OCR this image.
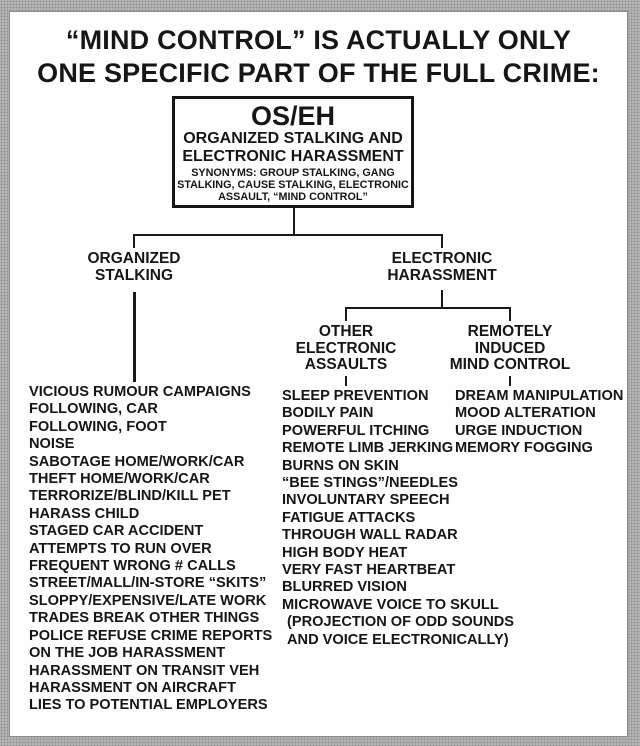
“MIND CONTROL” IS ACTUALLY ONLY
ONE SPECIFIC PART OF THE FULL CRIME:
OS/EH
ORGANIZED STALKING AND
ELECTRONIC HARASSMENT
SYNONYMS: GROUP STALKING, GANG
STALKING, CAUSE STALKING, ELECTRONIC
ASSAULT, “MIND CONTROL”
ORGANIZED
STALKING
ELECTRONIC
HARASSMENT
OTHER
ELECTRONIC
ASSAULTS
REMOTELY
INDUCED
MIND CONTROL
VICIOUS RUMOUR CAMPAIGNS
FOLLOWING, CAR
FOLLOWING, FOOT
NOISE
SABOTAGE HOME/WORK/CAR
THEFT HOME/WORK/CAR
TERRORIZE/BLIND/KILL PET
HARASS CHILD
STAGED CAR ACCIDENT
ATTEMPTS TO RUN OVER
FREQUENT WRONG # CALLS
STREET/MALL/IN-STORE “SKITS”
SLOPPY/EXPENSIVE/LATE WORK
TRADES BREAK OTHER THINGS
POLICE REFUSE CRIME REPORTS
ON THE JOB HARASSMENT
HARASSMENT ON TRANSIT VEH
HARASSMENT ON AIRCRAFT
LIES TO POTENTIAL EMPLOYERS
SLEEP PREVENTION
BODILY PAIN
POWERFUL ITCHING
REMOTE LIMB JERKING
BURNS ON SKIN
“BEE STINGS”/NEEDLES
INVOLUNTARY SPEECH
FATIGUE ATTACKS
THROUGH WALL RADAR
HIGH BODY HEAT
VERY FAST HEARTBEAT
BLURRED VISION
MICROWAVE VOICE TO SKULL
(PROJECTION OF ODD SOUNDS
AND VOICE ELECTRONICALLY)
DREAM MANIPULATION
MOOD ALTERATION
URGE INDUCTION
MEMORY FOGGING
